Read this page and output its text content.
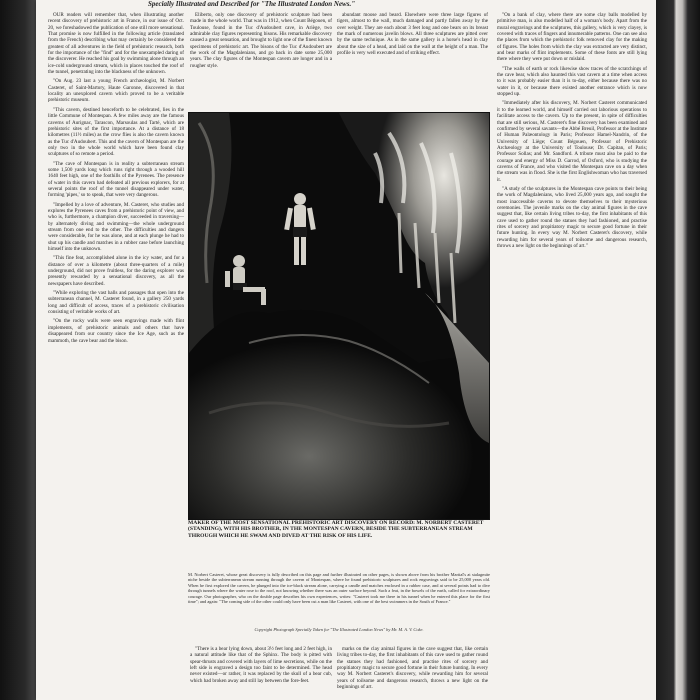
Specially Illustrated and Described for "The Illustrated London News."

OUR readers will remember that, when illustrating another recent discovery of prehistoric art in France, in our issue of Oct. 20, we foreshadowed the publication of one still more sensational. That promise is now fulfilled in the following article (translated from the French) describing what may certainly be considered the greatest of all adventures in the field of prehistoric research, both for the importance of the "find" and for the unexampled daring of the discoverer. He reached his goal by swimming alone through an ice-cold underground stream, which in places touched the roof of the tunnel, penetrating into the blackness of the unknown.

"On Aug. 23 last a young French archæologist, M. Norbert Casteret, of Saint-Martory, Haute Garonne, discovered in that locality an unexplored cavern which proved to be a veritable prehistoric museum.

"This cavern, destined henceforth to be celebrated, lies in the little Commune of Montespan. A few miles away are the famous caverns of Aurignac, Tarascon, Marsoulas and Tarté, which are prehistoric sites of the first importance. At a distance of 18 kilometres (11½ miles) as the crow flies is also the cavern known as the Tuc d'Audoubert. This and the cavern of Montespan are the only two in the whole world which have been found clay sculptures of so remote a period.

"The cave of Montespan is in reality a subterranean stream some 1,500 yards long which runs right through a wooded hill 1640 feet high, one of the foothills of the Pyrenees. The presence of water in this cavern had defeated all previous explorers, for at several points the roof of the tunnel disappeared under water, forming 'pipes,' so to speak, that were very dangerous.

"Impelled by a love of adventure, M. Casteret, who studies and explores the Pyrenees caves from a prehistoric point of view, and who is, furthermore, a champion diver, succeeded in traversing—by alternately diving and swimming—the whole underground stream from one end to the other. The difficulties and dangers were considerable, for he was alone, and at each plunge he had to shut up his candle and matches in a rubber case before launching himself into the unknown.

"This fine feat, accomplished alone in the icy water, and for a distance of over a kilometre (about three-quarters of a mile) underground, did not prove fruitless, for the daring explorer was presently rewarded by a sensational discovery, as all the newspapers have described.

"While exploring the vast halls and passages that open into the subterranean channel, M. Casteret found, in a gallery 250 yards long and difficult of access, traces of a prehistoric civilisation consisting of veritable works of art.

"On the rocky walls were seen engravings made with flint implements, of prehistoric animals and others that have disappeared from our country since the Ice Age, such as the mammoth, the cave bear and the bison.

Eliberto, only one discovery of prehistoric sculpture had been made in the whole world. That was in 1912, when Count Bégouen, of Toulouse, found in the Tuc d'Audoubert cave, in Ariège, two admirable clay figures representing bisons. His remarkable discovery caused a great sensation, and brought to light one of the finest known specimens of prehistoric art. The bisons of the Tuc d'Audoubert are the work of the Magdalenians, and go back in date some 25,000 years. The clay figures of the Montespan cavern are longer and in a rougher style.

abundant moose and beard. Elsewhere were three large figures of tigers, almost to the wall, much damaged and partly fallen away by the over weight. They are each about 3 feet long and one bears on its breast the mark of numerous javelin blows. All three sculptures are pitted over by the same technique. As in the same gallery is a horse's head in clay about the size of a head, and laid on the wall at the height of a man. The profile is very well executed and of striking effect.

"On a bank of clay, where there are some clay balls modelled by primitive man, is also modelled half of a woman's body. Apart from the mural engravings and the sculptures, this gallery, which is very clayey, is covered with traces of fingers and innumerable patterns. One can see also the places from which the prehistoric folk removed clay for the making of figures. The holes from which the clay was extracted are very distinct, and bear marks of flint implements. Some of these fonts are still lying there where they were put down or mislaid.

"The walls of earth or rock likewise show traces of the scratchings of the cave bear, which also haunted this vast cavern at a time when access to it was probably easier than it is to-day, either because there was no water in it, or because there existed another entrance which is now stopped up.

"Immediately after his discovery, M. Norbert Casteret communicated it to the learned world, and himself carried out laborious operations to facilitate access to the cavern. Up to the present, in spite of difficulties that are still serious, M. Casteret's fine discovery has been examined and confirmed by several savants—the Abbé Breuil, Professor at the Institute of Human Palæontology in Paris; Professor Hamel-Nandrin, of the University of Liège; Count Bégouen, Professor of Prehistoric Archæology at the University of Toulouse; Dr. Capitan, of Paris; Professor Sollas; and Mr. Sandford. A tribute must also be paid to the courage and energy of Miss D. Garrod, of Oxford, who is studying the caverns of France, and who visited the Montespan cave on a day when the stream was in flood. She is the first Englishwoman who has traversed it.

"A study of the sculptures in the Montespan cave points to their being the work of Magdalenians, who lived 25,000 years ago, and sought the most inaccessible caverns to devote themselves to their mysterious ceremonies. The juvenile marks on the clay animal figures in the cave suggest that, like certain living tribes to-day, the first inhabitants of this cave used to gather round the statues they had fashioned, and practise rites of sorcery and propitiatory magic to secure good fortune in their future hunting. In every way M. Norbert Casteret's discovery, while rewarding him for several years of toilsome and dangerous research, throws a new light on the beginnings of art."

MAKER OF THE MOST SENSATIONAL PREHISTORIC ART DISCOVERY ON RECORD: M. NORBERT CASTERET (STANDING), WITH HIS BROTHER, IN THE MONTESPAN CAVERN, BESIDE THE SUBTERRANEAN STREAM THROUGH WHICH HE SWAM AND DIVED AT THE RISK OF HIS LIFE.
M. Norbert Casteret, whose great discovery is fully described on this page and further illustrated on other pages, is shown above from his brother Martial's at stalagmite niche beside the subterranean stream running through the cavern of Montespan, where he found prehistoric sculptures and rock engravings said to be 25,000 years old. When he first explored the cavern, he plunged into the ice-black stream alone, carrying a candle and matches enclosed in a rubber case, and at several points had to dive through tunnels where the water rose to the roof, not knowing whether there was an outer surface beyond. Such a feat, in the bowels of the earth, called for extraordinary courage. Our photographer, who on the double page describes his own experiences, writes: "Casteret took me there in his tunnel when he entered this place for the first time"; and again: "The coming side of the other could only have been cut a man like Casteret, with one of the best swimmers in the South of France."
Copyright Photograph Specially Taken for "The Illustrated London News" by Mr. M. A. V. Coke.

"There is a bear lying down, about 3½ feet long and 2 feet high, in a natural attitude like that of the Sphinx. The body is pitted with spear-thrusts and covered with layers of lime secretions, while on the left side is engraved a design too faint to be determined. The head never existed—or rather, it was replaced by the skull of a bear cub, which had broken away and still lay between the fore-feet.

marks on the clay animal figures in the cave suggest that, like certain living tribes to-day, the first inhabitants of this cave used to gather round the statues they had fashioned, and practise rites of sorcery and propitiatory magic to secure good fortune in their future hunting. In every way M. Norbert Casteret's discovery, while rewarding him for several years of toilsome and dangerous research, throws a new light on the beginnings of art.
